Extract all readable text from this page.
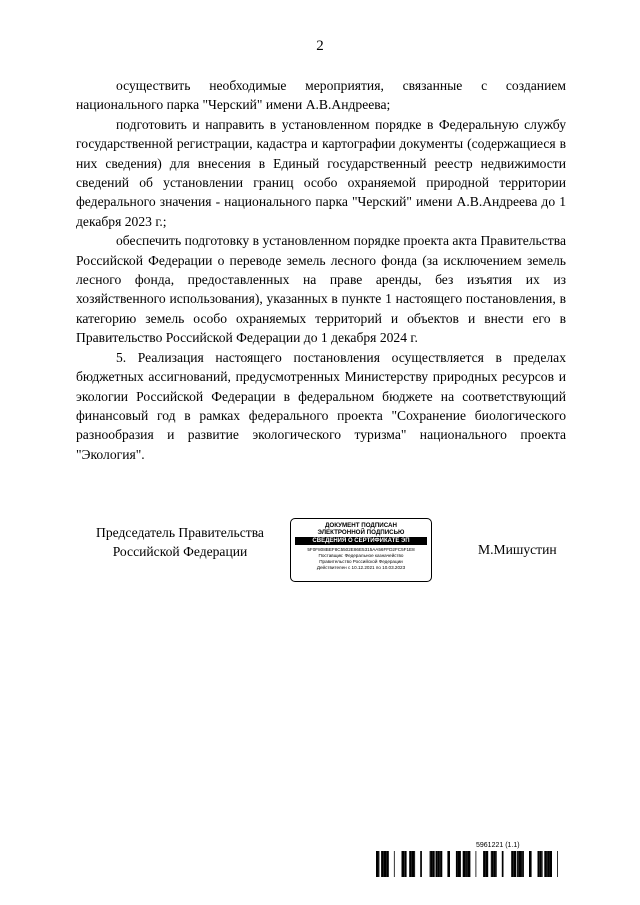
2

осуществить необходимые мероприятия, связанные с созданием национального парка "Черский" имени А.В.Андреева;

подготовить и направить в установленном порядке в Федеральную службу государственной регистрации, кадастра и картографии документы (содержащиеся в них сведения) для внесения в Единый государственный реестр недвижимости сведений об установлении границ особо охраняемой природной территории федерального значения - национального парка "Черский" имени А.В.Андреева до 1 декабря 2023 г.;

обеспечить подготовку в установленном порядке проекта акта Правительства Российской Федерации о переводе земель лесного фонда (за исключением земель лесного фонда, предоставленных на праве аренды, без изъятия их из хозяйственного использования), указанных в пункте 1 настоящего постановления, в категорию земель особо охраняемых территорий и объектов и внести его в Правительство Российской Федерации до 1 декабря 2024 г.

5. Реализация настоящего постановления осуществляется в пределах бюджетных ассигнований, предусмотренных Министерству природных ресурсов и экологии Российской Федерации в федеральном бюджете на соответствующий финансовый год в рамках федерального проекта "Сохранение биологического разнообразия и развитие экологического туризма" национального проекта "Экология".

Председатель Правительства
Российской Федерации
ДОКУМЕНТ ПОДПИСАН
ЭЛЕКТРОННОЙ ПОДПИСЬЮ
СВЕДЕНИЯ О СЕРТИФИКАТЕ ЭП
5F0F808BEF8C5502E86E5315AA56FFD2FC5F1E8
Поставщик: Федеральное казначейство
Правительство Российской Федерации
Действителен с 10.12.2021 по 10.03.2023
М.Мишустин
5961221 (1.1)
